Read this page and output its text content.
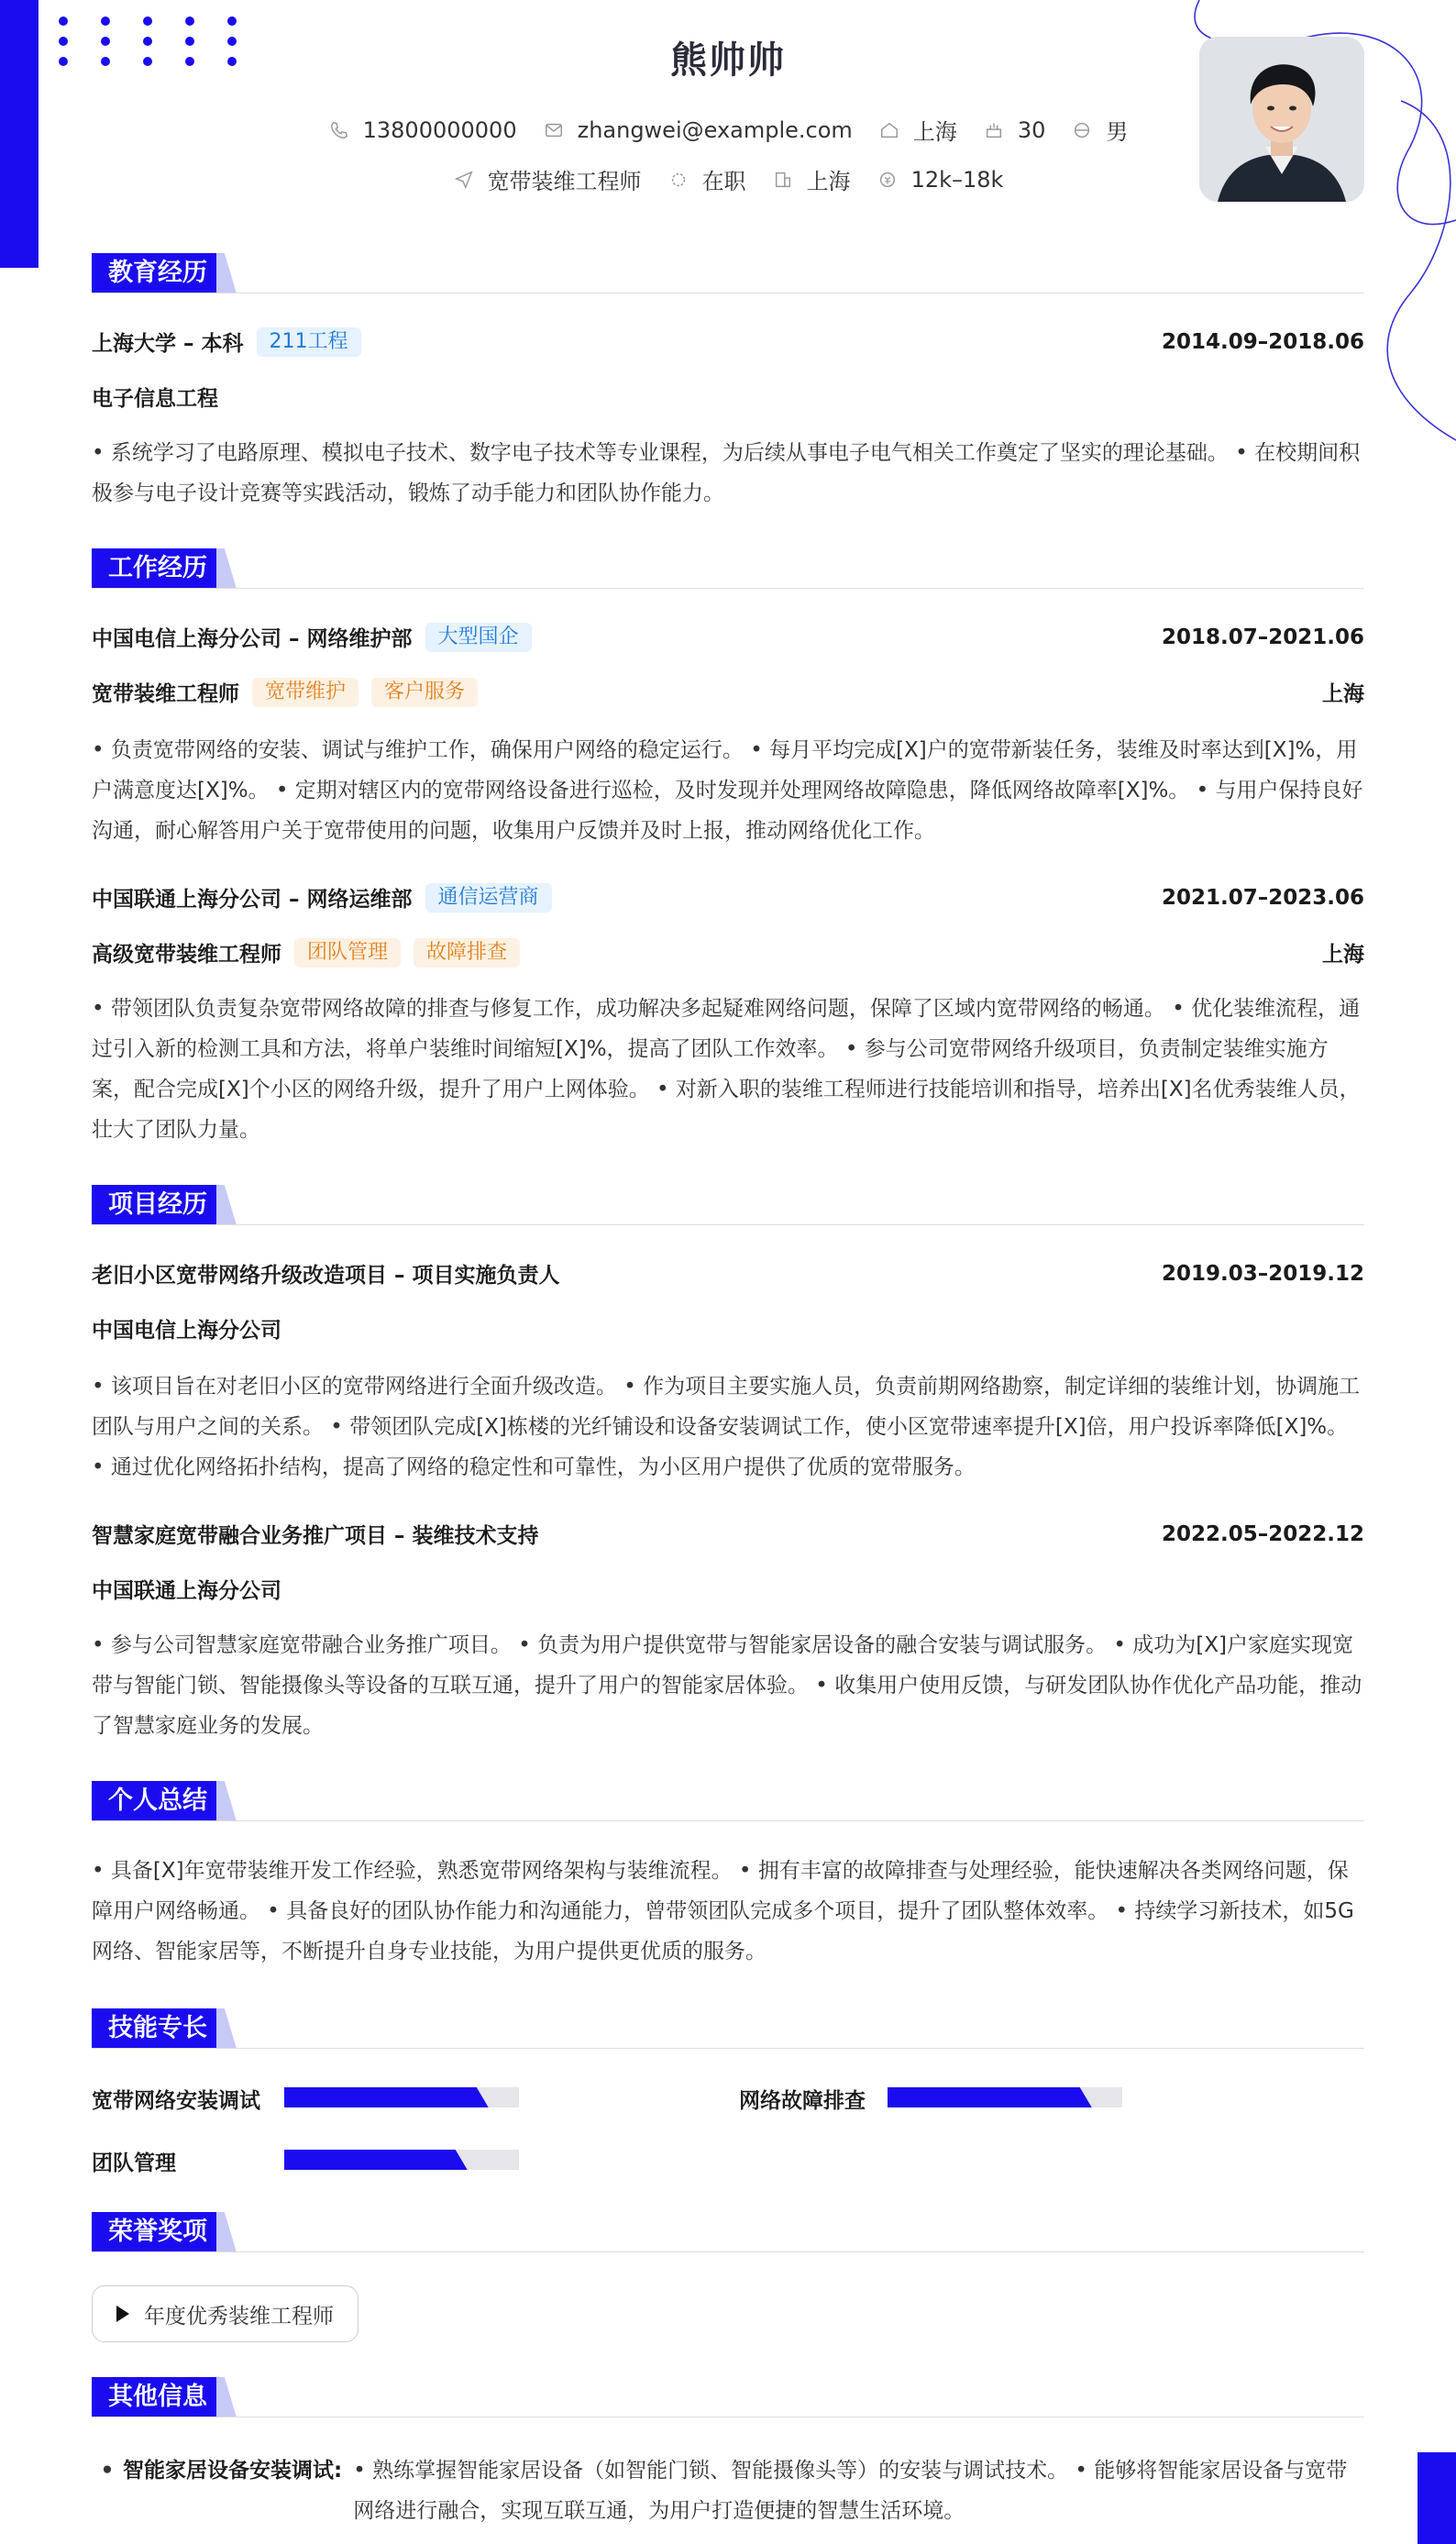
熊帅帅
13800000000	zhangwei@example.com	上海	30	男
宽带装维工程师	在职	上海	12k–18k
教育经历
上海大学 – 本科	211工程	2014.09–2018.06
电子信息工程
• 系统学习了电路原理、模拟电子技术、数字电子技术等专业课程，为后续从事电子电气相关工作奠定了坚实的理论基础。 • 在校期间积极参与电子设计竞赛等实践活动，锻炼了动手能力和团队协作能力。
工作经历
中国电信上海分公司 – 网络维护部	大型国企	2018.07–2021.06
宽带装维工程师	宽带维护	客户服务	上海
• 负责宽带网络的安装、调试与维护工作，确保用户网络的稳定运行。 • 每月平均完成[X]户的宽带新装任务，装维及时率达到[X]%，用户满意度达[X]%。 • 定期对辖区内的宽带网络设备进行巡检，及时发现并处理网络故障隐患，降低网络故障率[X]%。 • 与用户保持良好沟通，耐心解答用户关于宽带使用的问题，收集用户反馈并及时上报，推动网络优化工作。
中国联通上海分公司 – 网络运维部	通信运营商	2021.07–2023.06
高级宽带装维工程师	团队管理	故障排查	上海
• 带领团队负责复杂宽带网络故障的排查与修复工作，成功解决多起疑难网络问题，保障了区域内宽带网络的畅通。 • 优化装维流程，通过引入新的检测工具和方法，将单户装维时间缩短[X]%，提高了团队工作效率。 • 参与公司宽带网络升级项目，负责制定装维实施方案，配合完成[X]个小区的网络升级，提升了用户上网体验。 • 对新入职的装维工程师进行技能培训和指导，培养出[X]名优秀装维人员，壮大了团队力量。
项目经历
老旧小区宽带网络升级改造项目 – 项目实施负责人	2019.03–2019.12
中国电信上海分公司
• 该项目旨在对老旧小区的宽带网络进行全面升级改造。 • 作为项目主要实施人员，负责前期网络勘察，制定详细的装维计划，协调施工团队与用户之间的关系。 • 带领团队完成[X]栋楼的光纤铺设和设备安装调试工作，使小区宽带速率提升[X]倍，用户投诉率降低[X]%。 • 通过优化网络拓扑结构，提高了网络的稳定性和可靠性，为小区用户提供了优质的宽带服务。
智慧家庭宽带融合业务推广项目 – 装维技术支持	2022.05–2022.12
中国联通上海分公司
• 参与公司智慧家庭宽带融合业务推广项目。 • 负责为用户提供宽带与智能家居设备的融合安装与调试服务。 • 成功为[X]户家庭实现宽带与智能门锁、智能摄像头等设备的互联互通，提升了用户的智能家居体验。 • 收集用户使用反馈，与研发团队协作优化产品功能，推动了智慧家庭业务的发展。
个人总结
• 具备[X]年宽带装维开发工作经验，熟悉宽带网络架构与装维流程。 • 拥有丰富的故障排查与处理经验，能快速解决各类网络问题，保障用户网络畅通。 • 具备良好的团队协作能力和沟通能力，曾带领团队完成多个项目，提升了团队整体效率。 • 持续学习新技术，如5G网络、智能家居等，不断提升自身专业技能，为用户提供更优质的服务。
技能专长
宽带网络安装调试	网络故障排查
团队管理
荣誉奖项
年度优秀装维工程师
其他信息
• 智能家居设备安装调试: • 熟练掌握智能家居设备（如智能门锁、智能摄像头等）的安装与调试技术。 • 能够将智能家居设备与宽带网络进行融合，实现互联互通，为用户打造便捷的智慧生活环境。
